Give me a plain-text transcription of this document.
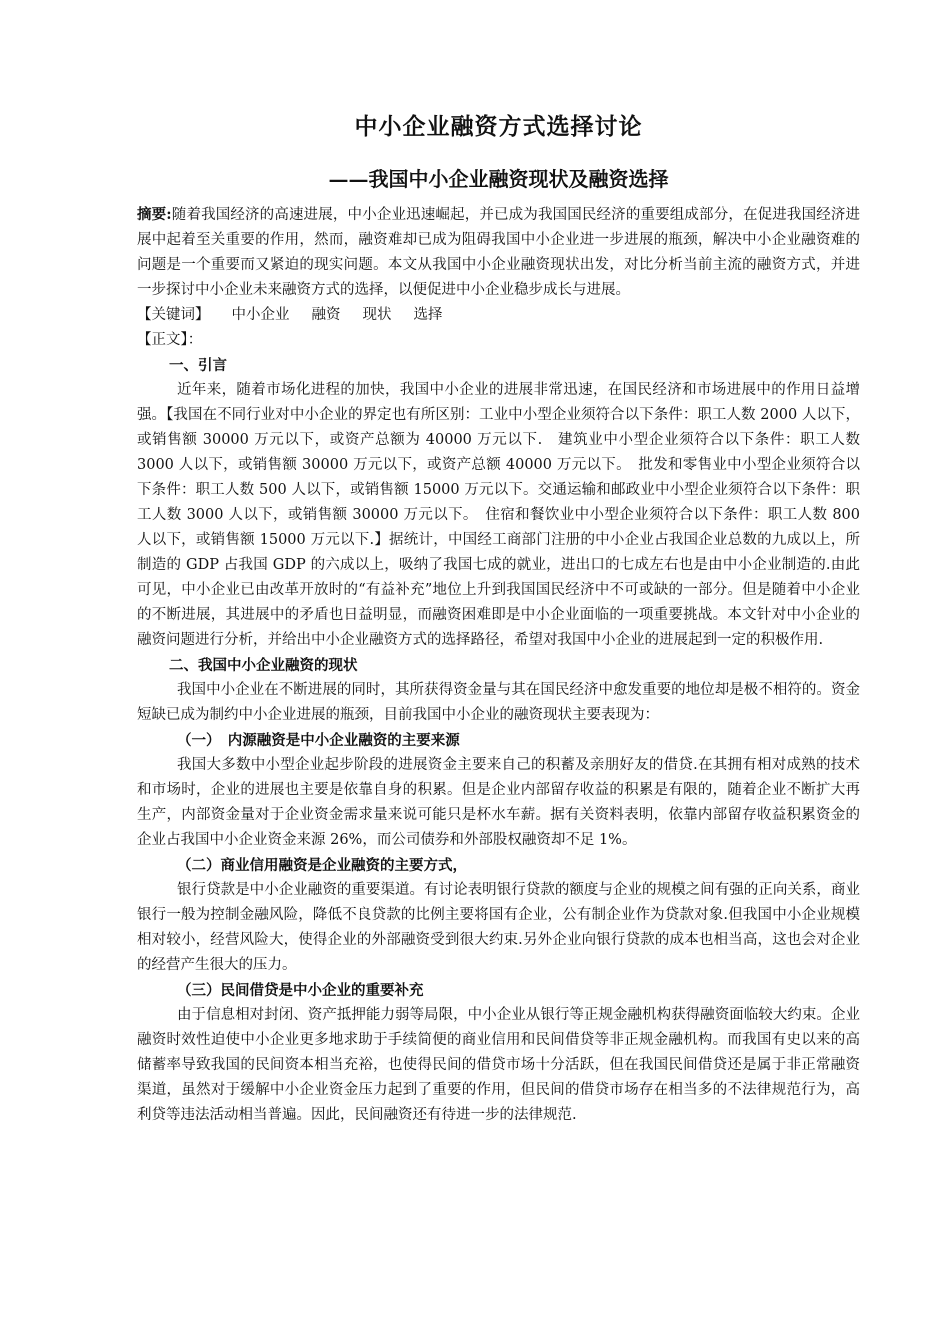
中小企业融资方式选择讨论
——我国中小企业融资现状及融资选择

摘要:随着我国经济的高速进展，中小企业迅速崛起，并已成为我国国民经济的重要组成部分，在促进我国经济进展中起着至关重要的作用，然而，融资难却已成为阻碍我国中小企业进一步进展的瓶颈，解决中小企业融资难的问题是一个重要而又紧迫的现实问题。本文从我国中小企业融资现状出发，对比分析当前主流的融资方式，并进一步探讨中小企业未来融资方式的选择，以便促进中小企业稳步成长与进展。

【关键词】 中小企业 融资 现状 选择

【正文】：

一、引言

近年来，随着市场化进程的加快，我国中小企业的进展非常迅速，在国民经济和市场进展中的作用日益增强。【我国在不同行业对中小企业的界定也有所区别：工业中小型企业须符合以下条件：职工人数 2000 人以下，或销售额 30000 万元以下，或资产总额为 40000 万元以下.　建筑业中小型企业须符合以下条件：职工人数 3000 人以下，或销售额 30000 万元以下，或资产总额 40000 万元以下。　批发和零售业中小型企业须符合以下条件：职工人数 500 人以下，或销售额 15000 万元以下。交通运输和邮政业中小型企业须符合以下条件：职工人数 3000 人以下，或销售额 30000 万元以下。　住宿和餐饮业中小型企业须符合以下条件：职工人数 800 人以下，或销售额 15000 万元以下.】据统计，中国经工商部门注册的中小企业占我国企业总数的九成以上，所制造的 GDP 占我国 GDP 的六成以上，吸纳了我国七成的就业，进出口的七成左右也是由中小企业制造的.由此可见，中小企业已由改革开放时的“有益补充”地位上升到我国国民经济中不可或缺的一部分。但是随着中小企业的不断进展，其进展中的矛盾也日益明显，而融资困难即是中小企业面临的一项重要挑战。本文针对中小企业的融资问题进行分析，并给出中小企业融资方式的选择路径，希望对我国中小企业的进展起到一定的积极作用.

二、我国中小企业融资的现状

我国中小企业在不断进展的同时，其所获得资金量与其在国民经济中愈发重要的地位却是极不相符的。资金短缺已成为制约中小企业进展的瓶颈，目前我国中小企业的融资现状主要表现为：

（一）　内源融资是中小企业融资的主要来源

我国大多数中小型企业起步阶段的进展资金主要来自己的积蓄及亲朋好友的借贷.在其拥有相对成熟的技术和市场时，企业的进展也主要是依靠自身的积累。但是企业内部留存收益的积累是有限的，随着企业不断扩大再生产，内部资金量对于企业资金需求量来说可能只是杯水车薪。据有关资料表明，依靠内部留存收益积累资金的企业占我国中小企业资金来源 26%，而公司债券和外部股权融资却不足 1%。

（二）商业信用融资是企业融资的主要方式，

银行贷款是中小企业融资的重要渠道。有讨论表明银行贷款的额度与企业的规模之间有强的正向关系，商业银行一般为控制金融风险，降低不良贷款的比例主要将国有企业，公有制企业作为贷款对象.但我国中小企业规模相对较小，经营风险大，使得企业的外部融资受到很大约束.另外企业向银行贷款的成本也相当高，这也会对企业的经营产生很大的压力。

（三）民间借贷是中小企业的重要补充

由于信息相对封闭、资产抵押能力弱等局限，中小企业从银行等正规金融机构获得融资面临较大约束。企业融资时效性迫使中小企业更多地求助于手续简便的商业信用和民间借贷等非正规金融机构。而我国有史以来的高储蓄率导致我国的民间资本相当充裕，也使得民间的借贷市场十分活跃，但在我国民间借贷还是属于非正常融资渠道，虽然对于缓解中小企业资金压力起到了重要的作用，但民间的借贷市场存在相当多的不法律规范行为，高利贷等违法活动相当普遍。因此，民间融资还有待进一步的法律规范.
